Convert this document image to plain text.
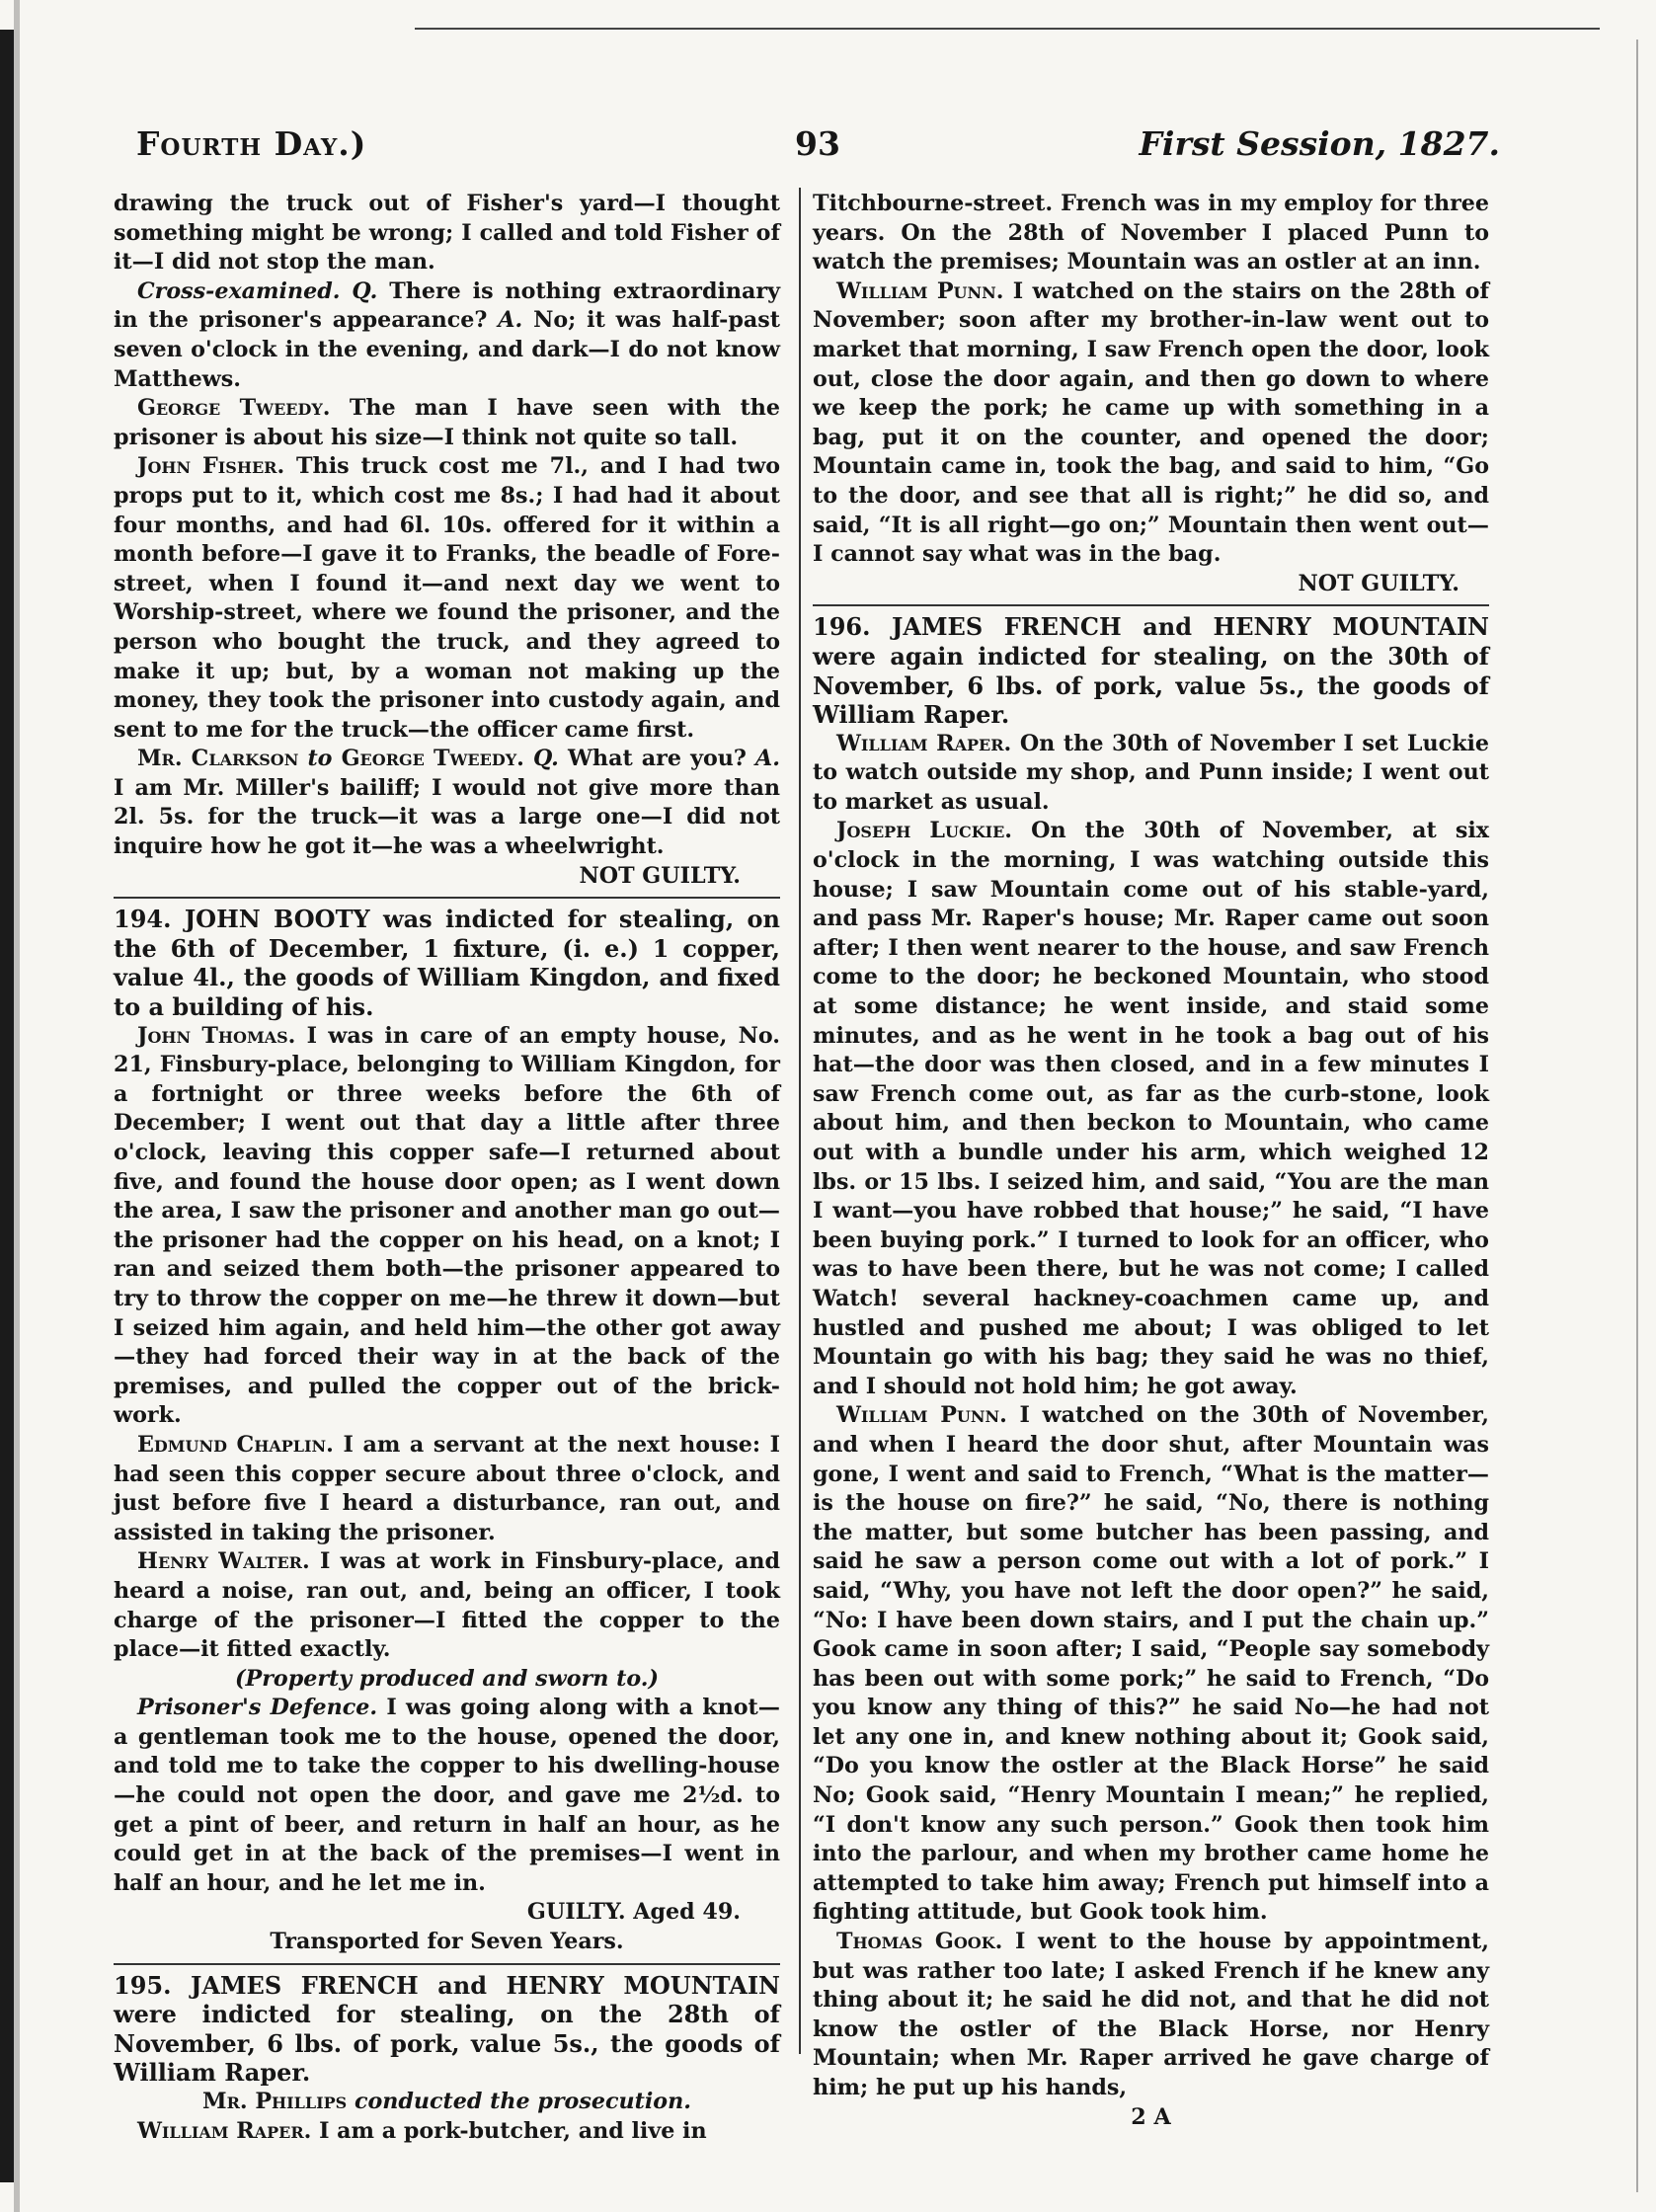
Fourth Day.)	93	First Session, 1827.

drawing the truck out of Fisher's yard—I thought something might be wrong; I called and told Fisher of it—I did not stop the man.

Cross-examined. Q. There is nothing extraordinary in the prisoner's appearance? A. No; it was half-past seven o'clock in the evening, and dark—I do not know Matthews.

George Tweedy. The man I have seen with the prisoner is about his size—I think not quite so tall.

John Fisher. This truck cost me 7l., and I had two props put to it, which cost me 8s.; I had had it about four months, and had 6l. 10s. offered for it within a month before—I gave it to Franks, the beadle of Fore-street, when I found it—and next day we went to Worship-street, where we found the prisoner, and the person who bought the truck, and they agreed to make it up; but, by a woman not making up the money, they took the prisoner into custody again, and sent to me for the truck—the officer came first.

Mr. Clarkson to George Tweedy. Q. What are you? A. I am Mr. Miller's bailiff; I would not give more than 2l. 5s. for the truck—it was a large one—I did not inquire how he got it—he was a wheelwright.

NOT GUILTY.

194. JOHN BOOTY was indicted for stealing, on the 6th of December, 1 fixture, (i. e.) 1 copper, value 4l., the goods of William Kingdon, and fixed to a building of his.

John Thomas. I was in care of an empty house, No. 21, Finsbury-place, belonging to William Kingdon, for a fortnight or three weeks before the 6th of December; I went out that day a little after three o'clock, leaving this copper safe—I returned about five, and found the house door open; as I went down the area, I saw the prisoner and another man go out—the prisoner had the copper on his head, on a knot; I ran and seized them both—the prisoner appeared to try to throw the copper on me—he threw it down—but I seized him again, and held him—the other got away—they had forced their way in at the back of the premises, and pulled the copper out of the brick-work.

Edmund Chaplin. I am a servant at the next house: I had seen this copper secure about three o'clock, and just before five I heard a disturbance, ran out, and assisted in taking the prisoner.

Henry Walter. I was at work in Finsbury-place, and heard a noise, ran out, and, being an officer, I took charge of the prisoner—I fitted the copper to the place—it fitted exactly.

(Property produced and sworn to.)

Prisoner's Defence. I was going along with a knot—a gentleman took me to the house, opened the door, and told me to take the copper to his dwelling-house—he could not open the door, and gave me 2½d. to get a pint of beer, and return in half an hour, as he could get in at the back of the premises—I went in half an hour, and he let me in.

GUILTY. Aged 49.

Transported for Seven Years.

195. JAMES FRENCH and HENRY MOUNTAIN were indicted for stealing, on the 28th of November, 6 lbs. of pork, value 5s., the goods of William Raper.

Mr. Phillips conducted the prosecution.

William Raper. I am a pork-butcher, and live in

Titchbourne-street. French was in my employ for three years. On the 28th of November I placed Punn to watch the premises; Mountain was an ostler at an inn.

William Punn. I watched on the stairs on the 28th of November; soon after my brother-in-law went out to market that morning, I saw French open the door, look out, close the door again, and then go down to where we keep the pork; he came up with something in a bag, put it on the counter, and opened the door; Mountain came in, took the bag, and said to him, “Go to the door, and see that all is right;” he did so, and said, “It is all right—go on;” Mountain then went out—I cannot say what was in the bag.

NOT GUILTY.

196. JAMES FRENCH and HENRY MOUNTAIN were again indicted for stealing, on the 30th of November, 6 lbs. of pork, value 5s., the goods of William Raper.

William Raper. On the 30th of November I set Luckie to watch outside my shop, and Punn inside; I went out to market as usual.

Joseph Luckie. On the 30th of November, at six o'clock in the morning, I was watching outside this house; I saw Mountain come out of his stable-yard, and pass Mr. Raper's house; Mr. Raper came out soon after; I then went nearer to the house, and saw French come to the door; he beckoned Mountain, who stood at some distance; he went inside, and staid some minutes, and as he went in he took a bag out of his hat—the door was then closed, and in a few minutes I saw French come out, as far as the curb-stone, look about him, and then beckon to Mountain, who came out with a bundle under his arm, which weighed 12 lbs. or 15 lbs. I seized him, and said, “You are the man I want—you have robbed that house;” he said, “I have been buying pork.” I turned to look for an officer, who was to have been there, but he was not come; I called Watch! several hackney-coachmen came up, and hustled and pushed me about; I was obliged to let Mountain go with his bag; they said he was no thief, and I should not hold him; he got away.

William Punn. I watched on the 30th of November, and when I heard the door shut, after Mountain was gone, I went and said to French, “What is the matter—is the house on fire?” he said, “No, there is nothing the matter, but some butcher has been passing, and said he saw a person come out with a lot of pork.” I said, “Why, you have not left the door open?” he said, “No: I have been down stairs, and I put the chain up.” Gook came in soon after; I said, “People say somebody has been out with some pork;” he said to French, “Do you know any thing of this?” he said No—he had not let any one in, and knew nothing about it; Gook said, “Do you know the ostler at the Black Horse” he said No; Gook said, “Henry Mountain I mean;” he replied, “I don't know any such person.” Gook then took him into the parlour, and when my brother came home he attempted to take him away; French put himself into a fighting attitude, but Gook took him.

Thomas Gook. I went to the house by appointment, but was rather too late; I asked French if he knew any thing about it; he said he did not, and that he did not know the ostler of the Black Horse, nor Henry Mountain; when Mr. Raper arrived he gave charge of him; he put up his hands,

2 A
